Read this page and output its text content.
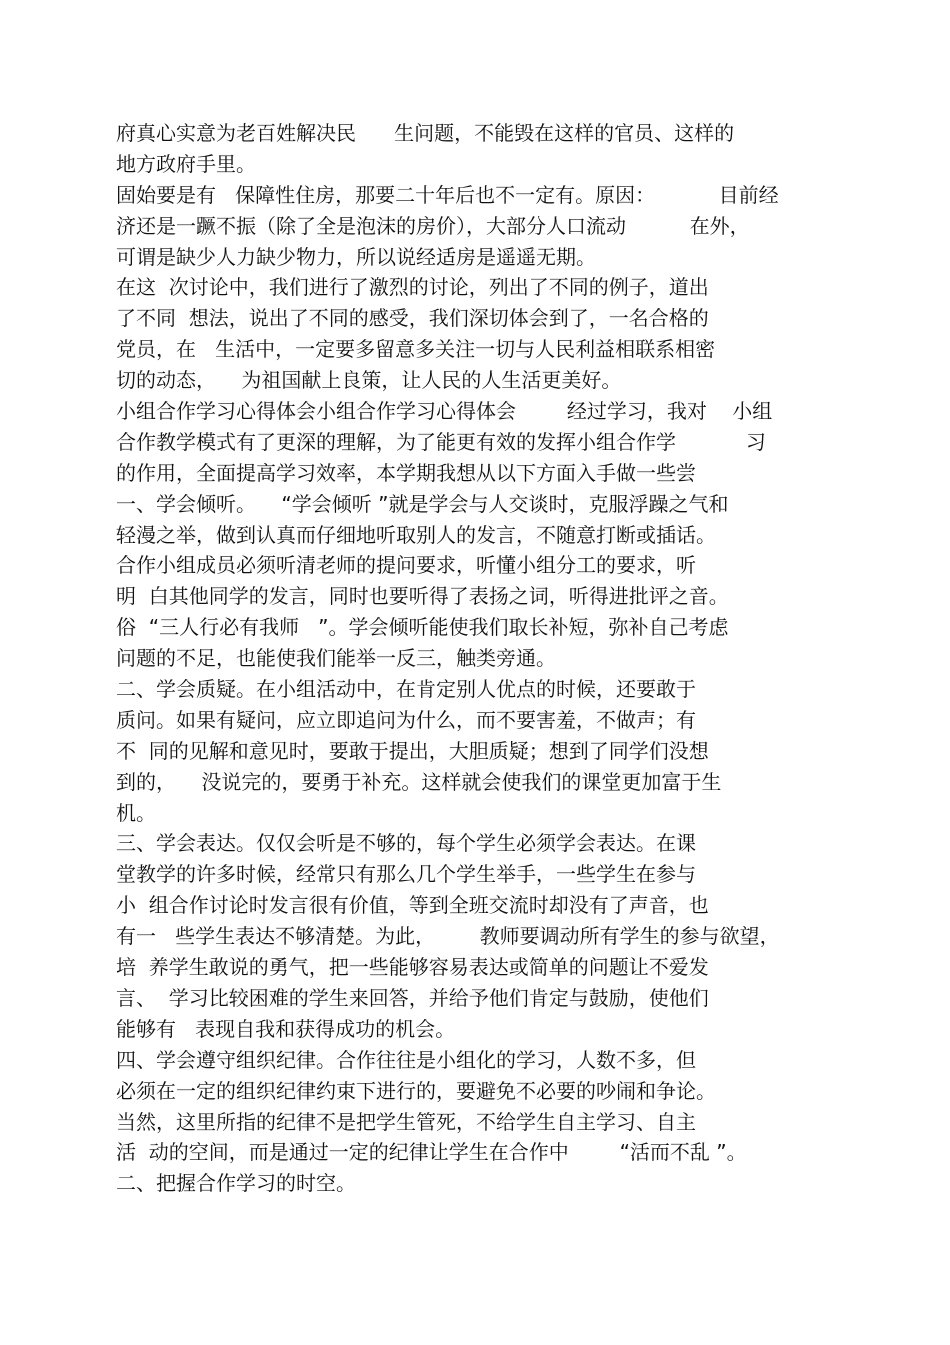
府真心实意为老百姓解决民      生问题，不能毁在这样的官员、这样的
地方政府手里。
固始要是有   保障性住房，那要二十年后也不一定有。原因：          目前经
济还是一蹶不振（除了全是泡沫的房价），大部分人口流动          在外，
可谓是缺少人力缺少物力，所以说经适房是遥遥无期。
在这  次讨论中，我们进行了激烈的讨论，列出了不同的例子，道出
了不同  想法，说出了不同的感受，我们深切体会到了，一名合格的
党员，在   生活中，一定要多留意多关注一切与人民利益相联系相密
切的动态，    为祖国献上良策，让人民的人生活更美好。
小组合作学习心得体会小组合作学习心得体会        经过学习，我对    小组
合作教学模式有了更深的理解，为了能更有效的发挥小组合作学           习
的作用，全面提高学习效率，本学期我想从以下方面入手做一些尝
一、学会倾听。    “学会倾听 ”就是学会与人交谈时，克服浮躁之气和
轻漫之举，做到认真而仔细地听取别人的发言，不随意打断或插话。
合作小组成员必须听清老师的提问要求，听懂小组分工的要求，听
明  白其他同学的发言，同时也要听得了表扬之词，听得进批评之音。
俗  “三人行必有我师   ”。学会倾听能使我们取长补短，弥补自己考虑
问题的不足，也能使我们能举一反三，触类旁通。
二、学会质疑。在小组活动中，在肯定别人优点的时候，还要敢于
质问。如果有疑问，应立即追问为什么，而不要害羞，不做声；有
不  同的见解和意见时，要敢于提出，大胆质疑；想到了同学们没想
到的，    没说完的，要勇于补充。这样就会使我们的课堂更加富于生
机。
三、学会表达。仅仅会听是不够的，每个学生必须学会表达。在课
堂教学的许多时候，经常只有那么几个学生举手，一些学生在参与
小  组合作讨论时发言很有价值，等到全班交流时却没有了声音，也
有一   些学生表达不够清楚。为此，       教师要调动所有学生的参与欲望，
培  养学生敢说的勇气，把一些能够容易表达或简单的问题让不爱发
言、  学习比较困难的学生来回答，并给予他们肯定与鼓励，使他们
能够有   表现自我和获得成功的机会。
四、学会遵守组织纪律。合作往往是小组化的学习，人数不多，但
必须在一定的组织纪律约束下进行的，要避免不必要的吵闹和争论。
当然，这里所指的纪律不是把学生管死，不给学生自主学习、自主
活  动的空间，而是通过一定的纪律让学生在合作中        “活而不乱 ”。
二、把握合作学习的时空。
